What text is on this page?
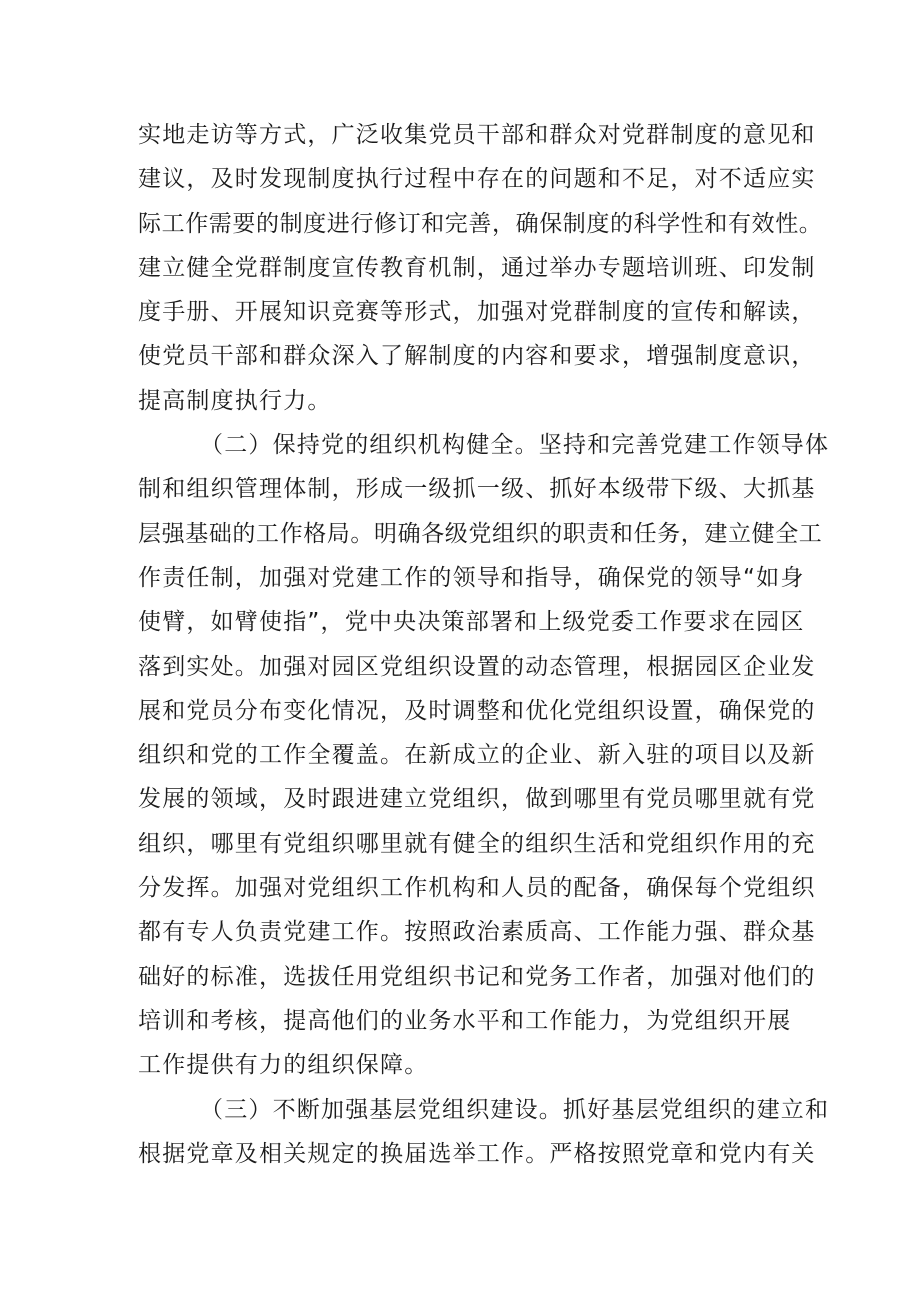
实地走访等方式，广泛收集党员干部和群众对党群制度的意见和
建议，及时发现制度执行过程中存在的问题和不足，对不适应实
际工作需要的制度进行修订和完善，确保制度的科学性和有效性。
建立健全党群制度宣传教育机制，通过举办专题培训班、印发制
度手册、开展知识竞赛等形式，加强对党群制度的宣传和解读，
使党员干部和群众深入了解制度的内容和要求，增强制度意识，
提高制度执行力。
（二）保持党的组织机构健全。坚持和完善党建工作领导体
制和组织管理体制，形成一级抓一级、抓好本级带下级、大抓基
层强基础的工作格局。明确各级党组织的职责和任务，建立健全工
作责任制，加强对党建工作的领导和指导，确保党的领导“如身
使臂，如臂使指”，党中央决策部署和上级党委工作要求在园区
落到实处。加强对园区党组织设置的动态管理，根据园区企业发
展和党员分布变化情况，及时调整和优化党组织设置，确保党的
组织和党的工作全覆盖。在新成立的企业、新入驻的项目以及新
发展的领域，及时跟进建立党组织，做到哪里有党员哪里就有党
组织，哪里有党组织哪里就有健全的组织生活和党组织作用的充
分发挥。加强对党组织工作机构和人员的配备，确保每个党组织
都有专人负责党建工作。按照政治素质高、工作能力强、群众基
础好的标准，选拔任用党组织书记和党务工作者，加强对他们的
培训和考核，提高他们的业务水平和工作能力，为党组织开展
工作提供有力的组织保障。
（三）不断加强基层党组织建设。抓好基层党组织的建立和
根据党章及相关规定的换届选举工作。严格按照党章和党内有关
